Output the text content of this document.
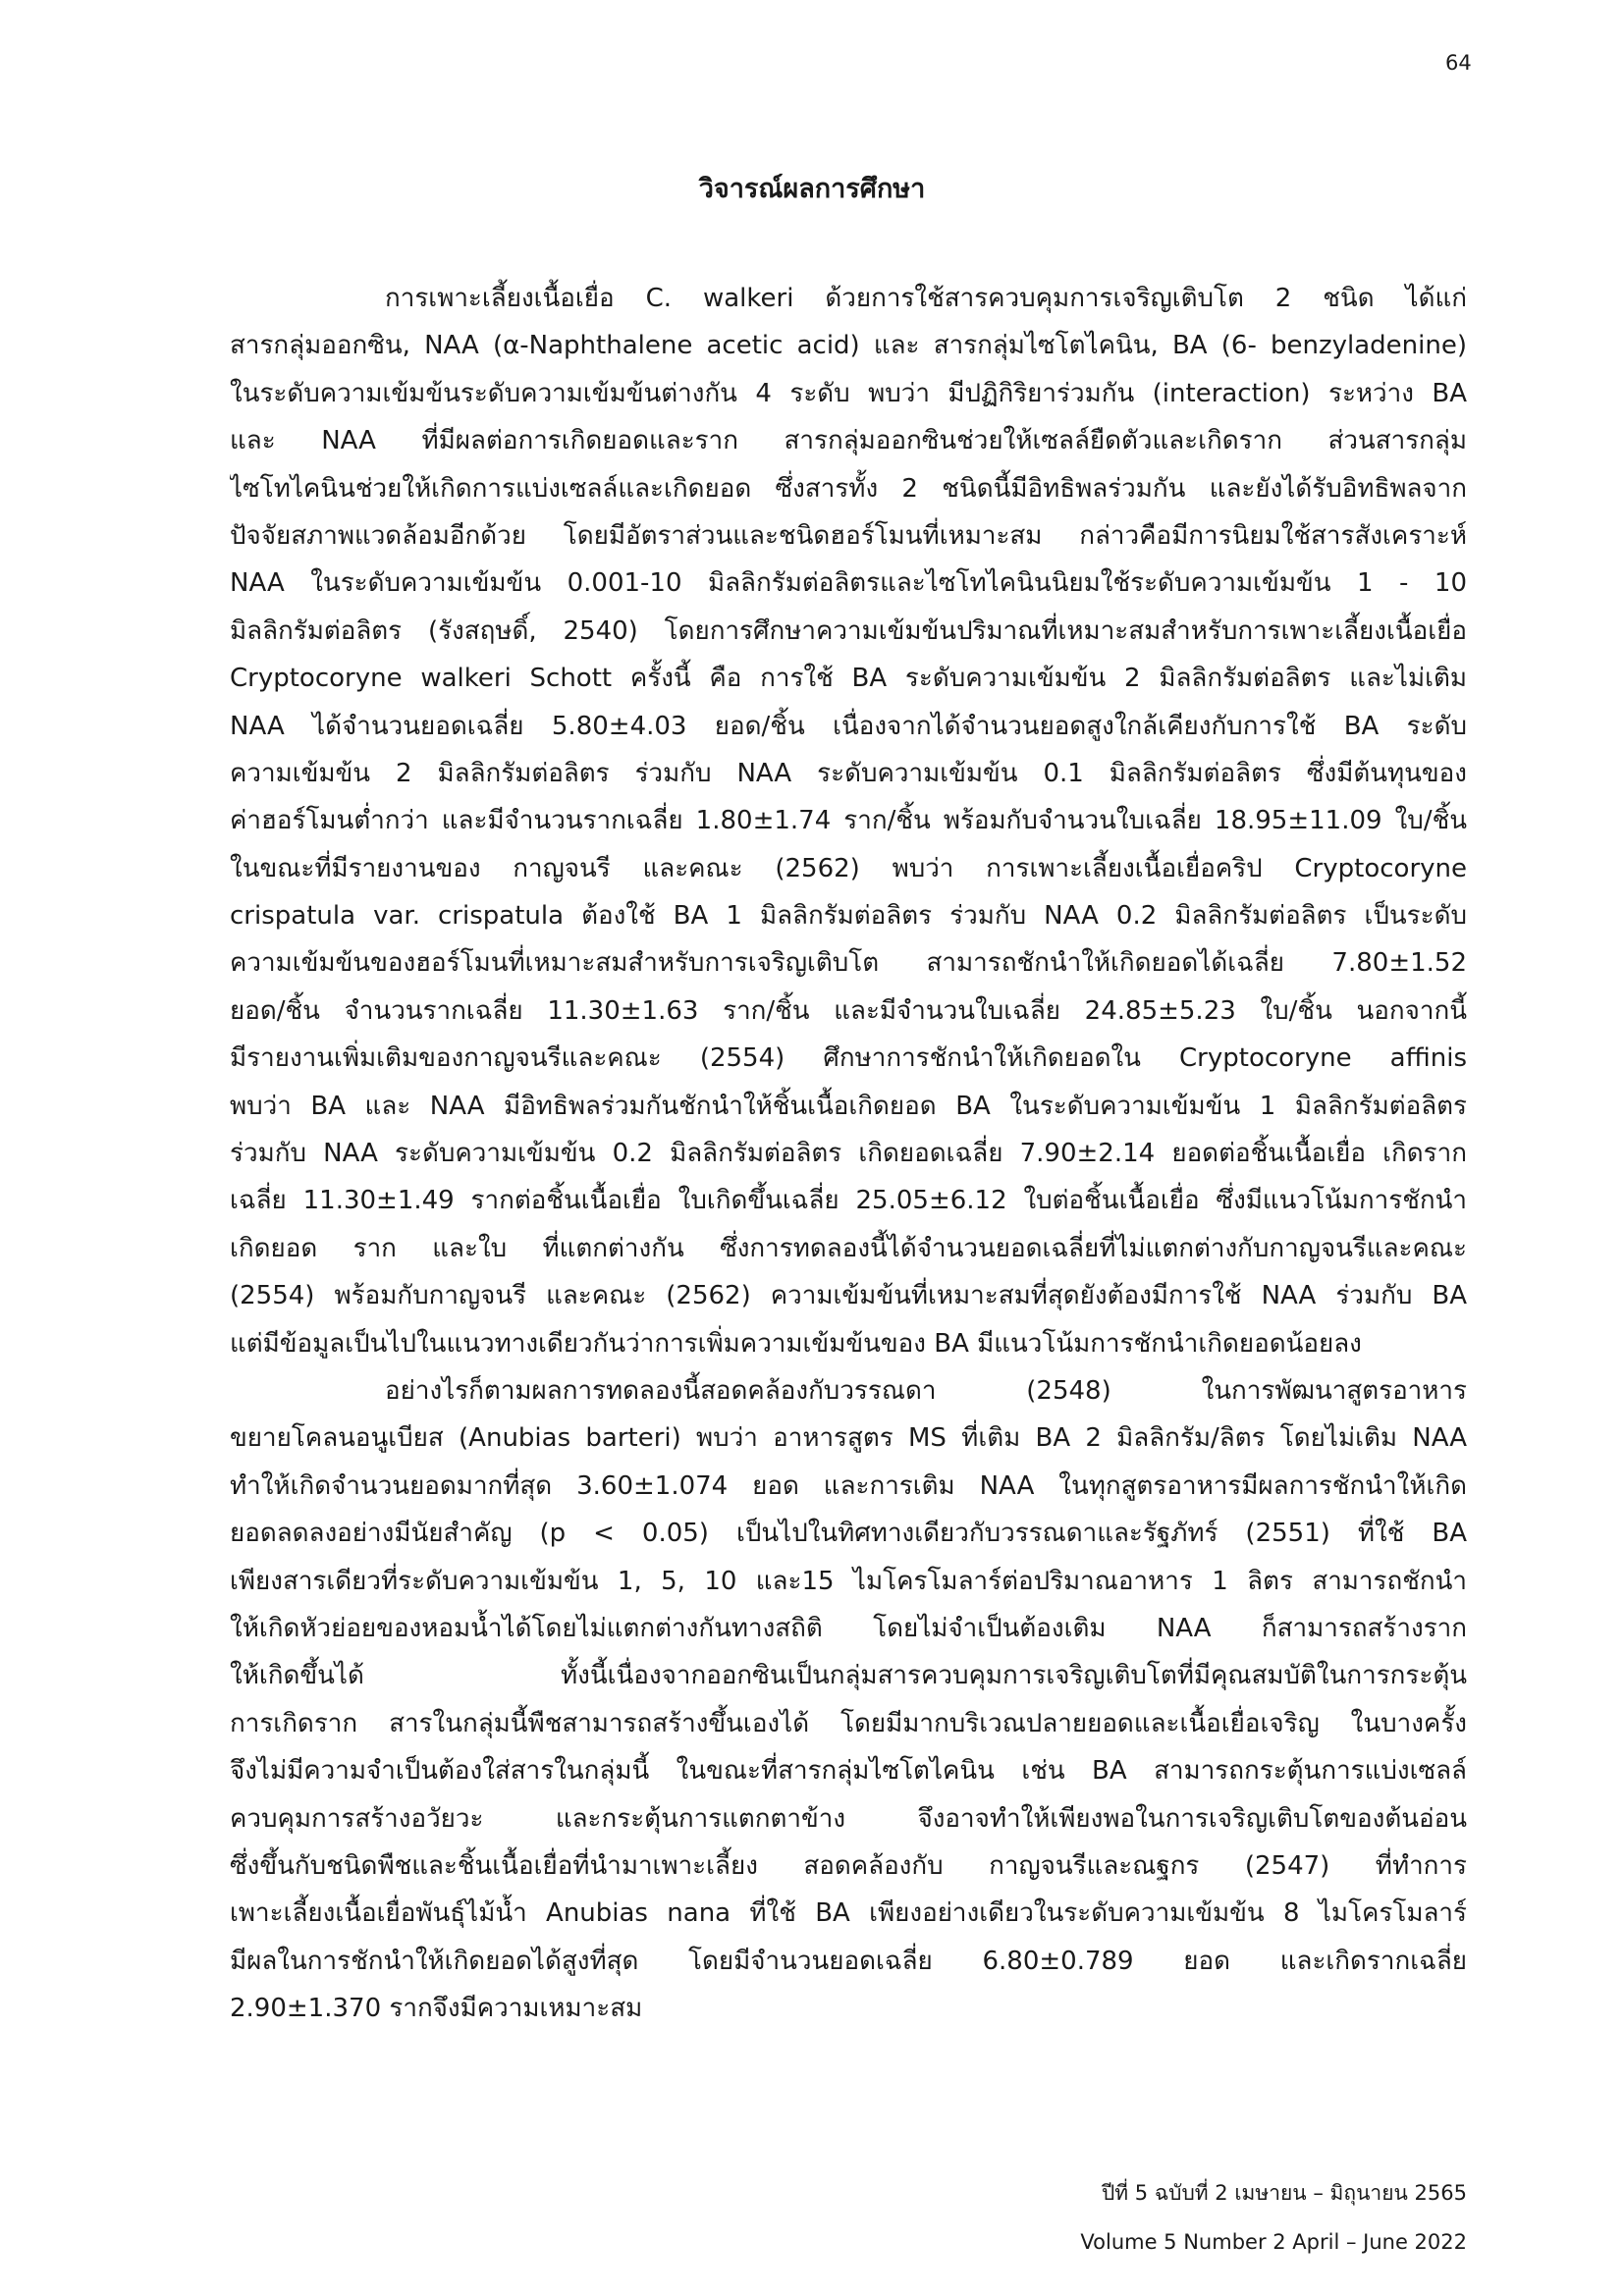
64
วิจารณ์ผลการศึกษา
การเพาะเลี้ยงเนื้อเยื่อ C. walkeri ด้วยการใช้สารควบคุมการเจริญเติบโต 2 ชนิด ได้แก่
สารกลุ่มออกซิน, NAA (α-Naphthalene acetic acid) และ สารกลุ่มไซโตไคนิน, BA (6- benzyladenine)
ในระดับความเข้มข้นระดับความเข้มข้นต่างกัน 4 ระดับ พบว่า มีปฏิกิริยาร่วมกัน (interaction) ระหว่าง BA
และ NAA ที่มีผลต่อการเกิดยอดและราก สารกลุ่มออกซินช่วยให้เซลล์ยืดตัวและเกิดราก ส่วนสารกลุ่ม
ไซโทไคนินช่วยให้เกิดการแบ่งเซลล์และเกิดยอด ซึ่งสารทั้ง 2 ชนิดนี้มีอิทธิพลร่วมกัน และยังได้รับอิทธิพลจาก
ปัจจัยสภาพแวดล้อมอีกด้วย โดยมีอัตราส่วนและชนิดฮอร์โมนที่เหมาะสม กล่าวคือมีการนิยมใช้สารสังเคราะห์
NAA ในระดับความเข้มข้น 0.001-10 มิลลิกรัมต่อลิตรและไซโทไคนินนิยมใช้ระดับความเข้มข้น 1 - 10
มิลลิกรัมต่อลิตร (รังสฤษดิ์, 2540) โดยการศึกษาความเข้มข้นปริมาณที่เหมาะสมสำหรับการเพาะเลี้ยงเนื้อเยื่อ
Cryptocoryne walkeri Schott ครั้งนี้ คือ การใช้ BA ระดับความเข้มข้น 2 มิลลิกรัมต่อลิตร และไม่เติม
NAA ได้จำนวนยอดเฉลี่ย 5.80±4.03 ยอด/ชิ้น เนื่องจากได้จำนวนยอดสูงใกล้เคียงกับการใช้ BA ระดับ
ความเข้มข้น 2 มิลลิกรัมต่อลิตร ร่วมกับ NAA ระดับความเข้มข้น 0.1 มิลลิกรัมต่อลิตร ซึ่งมีต้นทุนของ
ค่าฮอร์โมนต่ำกว่า และมีจำนวนรากเฉลี่ย 1.80±1.74 ราก/ชิ้น พร้อมกับจำนวนใบเฉลี่ย 18.95±11.09 ใบ/ชิ้น
ในขณะที่มีรายงานของ กาญจนรี และคณะ (2562) พบว่า การเพาะเลี้ยงเนื้อเยื่อคริป Cryptocoryne
crispatula var. crispatula ต้องใช้ BA 1 มิลลิกรัมต่อลิตร ร่วมกับ NAA 0.2 มิลลิกรัมต่อลิตร เป็นระดับ
ความเข้มข้นของฮอร์โมนที่เหมาะสมสำหรับการเจริญเติบโต สามารถชักนำให้เกิดยอดได้เฉลี่ย 7.80±1.52
ยอด/ชิ้น จำนวนรากเฉลี่ย 11.30±1.63 ราก/ชิ้น และมีจำนวนใบเฉลี่ย 24.85±5.23 ใบ/ชิ้น นอกจากนี้
มีรายงานเพิ่มเติมของกาญจนรีและคณะ (2554) ศึกษาการชักนำให้เกิดยอดใน Cryptocoryne affinis
พบว่า BA และ NAA มีอิทธิพลร่วมกันชักนำให้ชิ้นเนื้อเกิดยอด BA ในระดับความเข้มข้น 1 มิลลิกรัมต่อลิตร
ร่วมกับ NAA ระดับความเข้มข้น 0.2 มิลลิกรัมต่อลิตร เกิดยอดเฉลี่ย 7.90±2.14 ยอดต่อชิ้นเนื้อเยื่อ เกิดราก
เฉลี่ย 11.30±1.49 รากต่อชิ้นเนื้อเยื่อ ใบเกิดขึ้นเฉลี่ย 25.05±6.12 ใบต่อชิ้นเนื้อเยื่อ ซึ่งมีแนวโน้มการชักนำ
เกิดยอด ราก และใบ ที่แตกต่างกัน ซึ่งการทดลองนี้ได้จำนวนยอดเฉลี่ยที่ไม่แตกต่างกับกาญจนรีและคณะ
(2554) พร้อมกับกาญจนรี และคณะ (2562) ความเข้มข้นที่เหมาะสมที่สุดยังต้องมีการใช้ NAA ร่วมกับ BA
แต่มีข้อมูลเป็นไปในแนวทางเดียวกันว่าการเพิ่มความเข้มข้นของ BA มีแนวโน้มการชักนำเกิดยอดน้อยลง
อย่างไรก็ตามผลการทดลองนี้สอดคล้องกับวรรณดา (2548) ในการพัฒนาสูตรอาหาร
ขยายโคลนอนูเบียส (Anubias barteri) พบว่า อาหารสูตร MS ที่เติม BA 2 มิลลิกรัม/ลิตร โดยไม่เติม NAA
ทำให้เกิดจำนวนยอดมากที่สุด 3.60±1.074 ยอด และการเติม NAA ในทุกสูตรอาหารมีผลการชักนำให้เกิด
ยอดลดลงอย่างมีนัยสำคัญ (p < 0.05) เป็นไปในทิศทางเดียวกับวรรณดาและรัฐภัทร์ (2551) ที่ใช้ BA
เพียงสารเดียวที่ระดับความเข้มข้น 1, 5, 10 และ15 ไมโครโมลาร์ต่อปริมาณอาหาร 1 ลิตร สามารถชักนำ
ให้เกิดหัวย่อยของหอมน้ำได้โดยไม่แตกต่างกันทางสถิติ โดยไม่จำเป็นต้องเติม NAA ก็สามารถสร้างราก
ให้เกิดขึ้นได้ ทั้งนี้เนื่องจากออกซินเป็นกลุ่มสารควบคุมการเจริญเติบโตที่มีคุณสมบัติในการกระตุ้น
การเกิดราก สารในกลุ่มนี้พืชสามารถสร้างขึ้นเองได้ โดยมีมากบริเวณปลายยอดและเนื้อเยื่อเจริญ ในบางครั้ง
จึงไม่มีความจำเป็นต้องใส่สารในกลุ่มนี้ ในขณะที่สารกลุ่มไซโตไคนิน เช่น BA สามารถกระตุ้นการแบ่งเซลล์
ควบคุมการสร้างอวัยวะ และกระตุ้นการแตกตาข้าง จึงอาจทำให้เพียงพอในการเจริญเติบโตของต้นอ่อน
ซึ่งขึ้นกับชนิดพืชและชิ้นเนื้อเยื่อที่นำมาเพาะเลี้ยง สอดคล้องกับ กาญจนรีและณฐกร (2547) ที่ทำการ
เพาะเลี้ยงเนื้อเยื่อพันธุ์ไม้น้ำ Anubias nana ที่ใช้ BA เพียงอย่างเดียวในระดับความเข้มข้น 8 ไมโครโมลาร์
มีผลในการชักนำให้เกิดยอดได้สูงที่สุด โดยมีจำนวนยอดเฉลี่ย 6.80±0.789 ยอด และเกิดรากเฉลี่ย
2.90±1.370 รากจึงมีความเหมาะสม
ปีที่ 5 ฉบับที่ 2 เมษายน – มิถุนายน 2565
Volume 5 Number 2 April – June 2022
